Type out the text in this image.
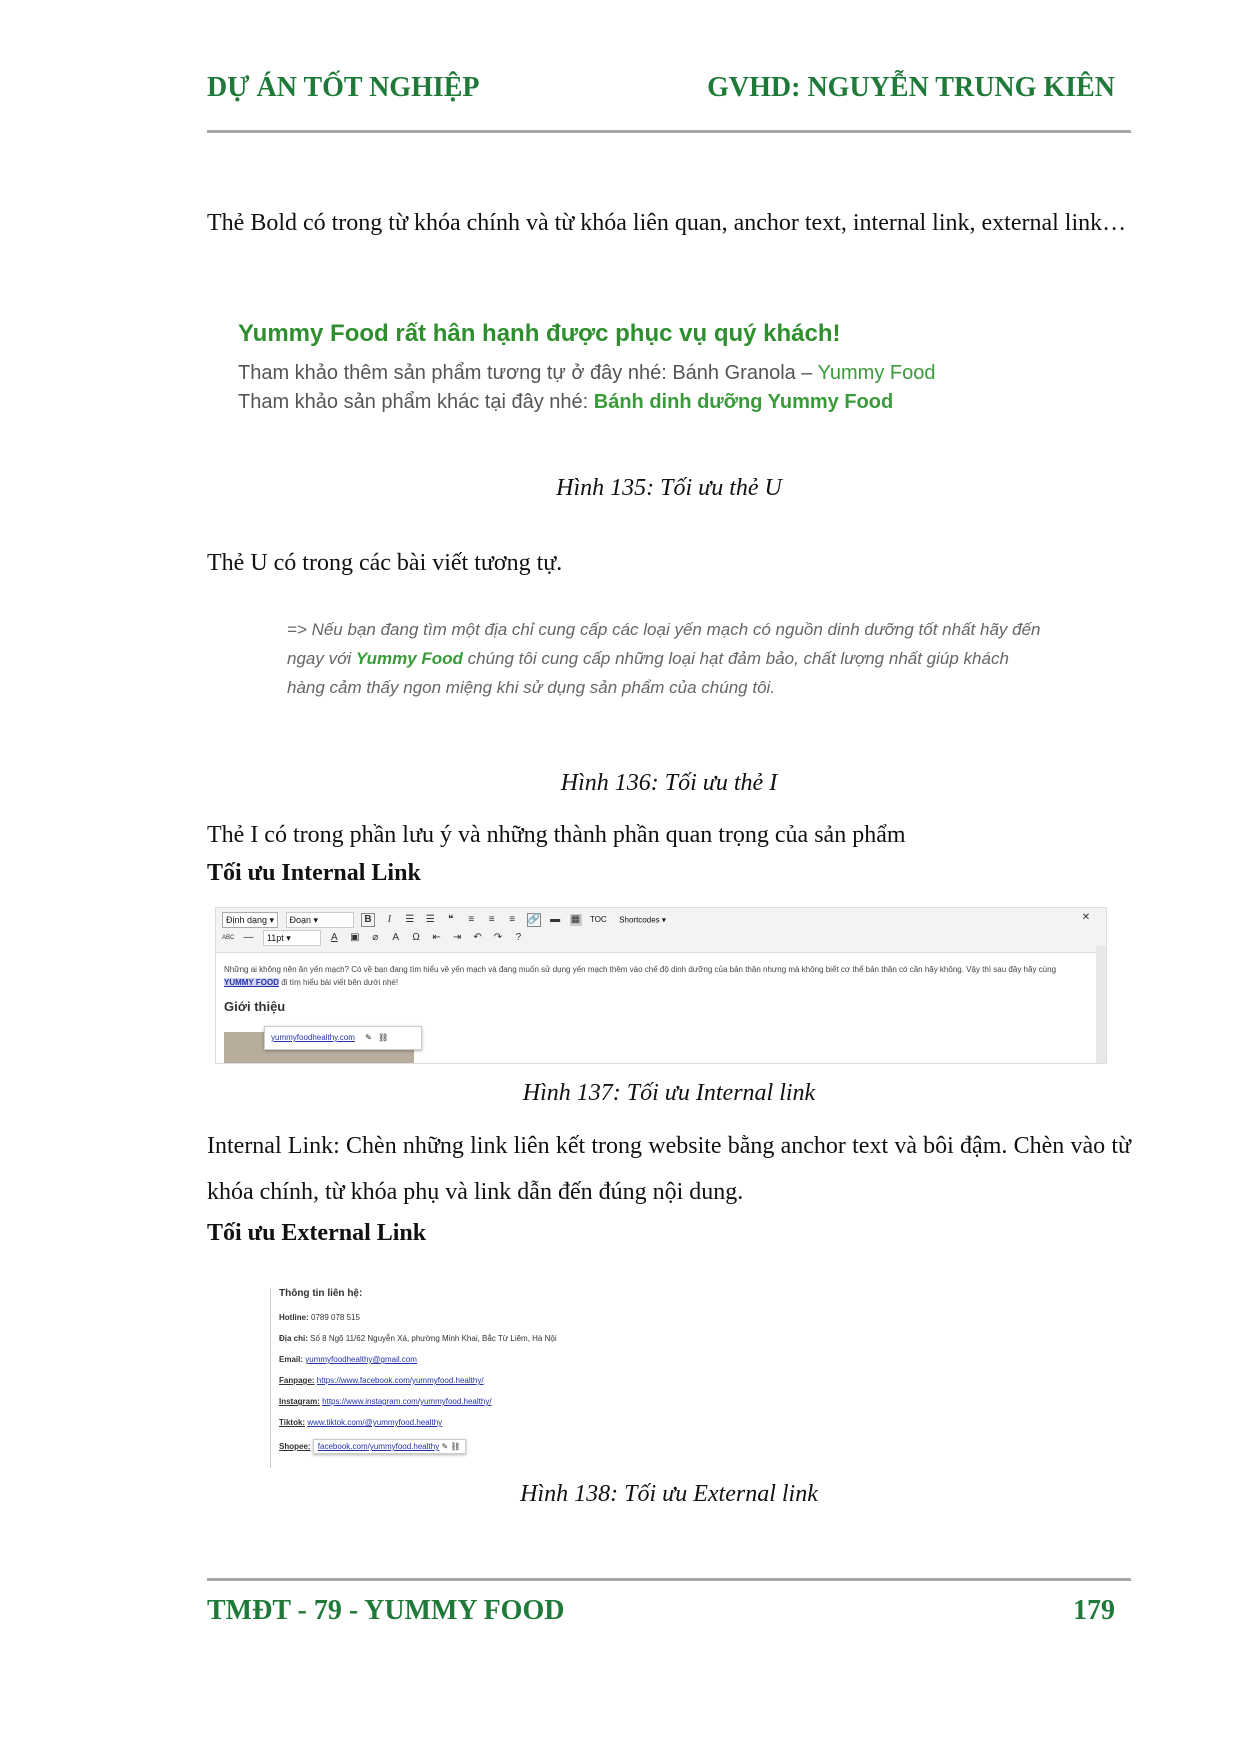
DỰ ÁN TỐT NGHIỆP	GVHD: NGUYỄN TRUNG KIÊN
Thẻ Bold có trong từ khóa chính và từ khóa liên quan, anchor text, internal link, external link…
Yummy Food rất hân hạnh được phục vụ quý khách!
Tham khảo thêm sản phẩm tương tự ở đây nhé: Bánh Granola – Yummy Food
Tham khảo sản phẩm khác tại đây nhé: Bánh dinh dưỡng Yummy Food
Hình 135: Tối ưu thẻ U
Thẻ U có trong các bài viết tương tự.
=> Nếu bạn đang tìm một địa chỉ cung cấp các loại yến mạch có nguồn dinh dưỡng tốt nhất hãy đến ngay với Yummy Food chúng tôi cung cấp những loại hạt đảm bảo, chất lượng nhất giúp khách hàng cảm thấy ngon miệng khi sử dụng sản phẩm của chúng tôi.
Hình 136: Tối ưu thẻ I
Thẻ I có trong phần lưu ý và những thành phần quan trọng của sản phẩm
Tối ưu Internal Link
Định dạng ▾ Đoạn ▾	B I ☰ ☰ ❝ ≡ ≡ ≡ 🔗 ▬ ▦ TOC Shortcodes ▾	✕
ABC — 11pt ▾	A ▣ ⌀ A Ω ⇤ ⇥ ↶ ↷ ?
Những ai không nên ăn yến mạch? Có về bạn đang tìm hiểu về yến mạch và đang muốn sử dụng yến mạch thêm vào chế độ dinh dưỡng của bản thân nhưng mà không biết cơ thể bản thân có cần hãy không. Vậy thì sau đây hãy cùng YUMMY FOOD đi tìm hiểu bài viết bên dưới nhé!
Giới thiệu
yummyfoodhealthy.com ✎ ⛓
Hình 137: Tối ưu Internal link
Internal Link: Chèn những link liên kết trong website bằng anchor text và bôi đậm. Chèn vào từ khóa chính, từ khóa phụ và link dẫn đến đúng nội dung.
Tối ưu External Link
Thông tin liên hệ:
Hotline: 0789 078 515
Địa chỉ: Số 8 Ngõ 11/62 Nguyễn Xá, phường Minh Khai, Bắc Từ Liêm, Hà Nội
Email: yummyfoodhealthy@gmail.com
Fanpage: https://www.facebook.com/yummyfood.healthy/
Instagram: https://www.instagram.com/yummyfood.healthy/
Tiktok: www.tiktok.com/@yummyfood.healthy
Shopee: facebook.com/yummyfood.healthy ✎ ⛓
Hình 138: Tối ưu External link
TMĐT - 79 - YUMMY FOOD	179
